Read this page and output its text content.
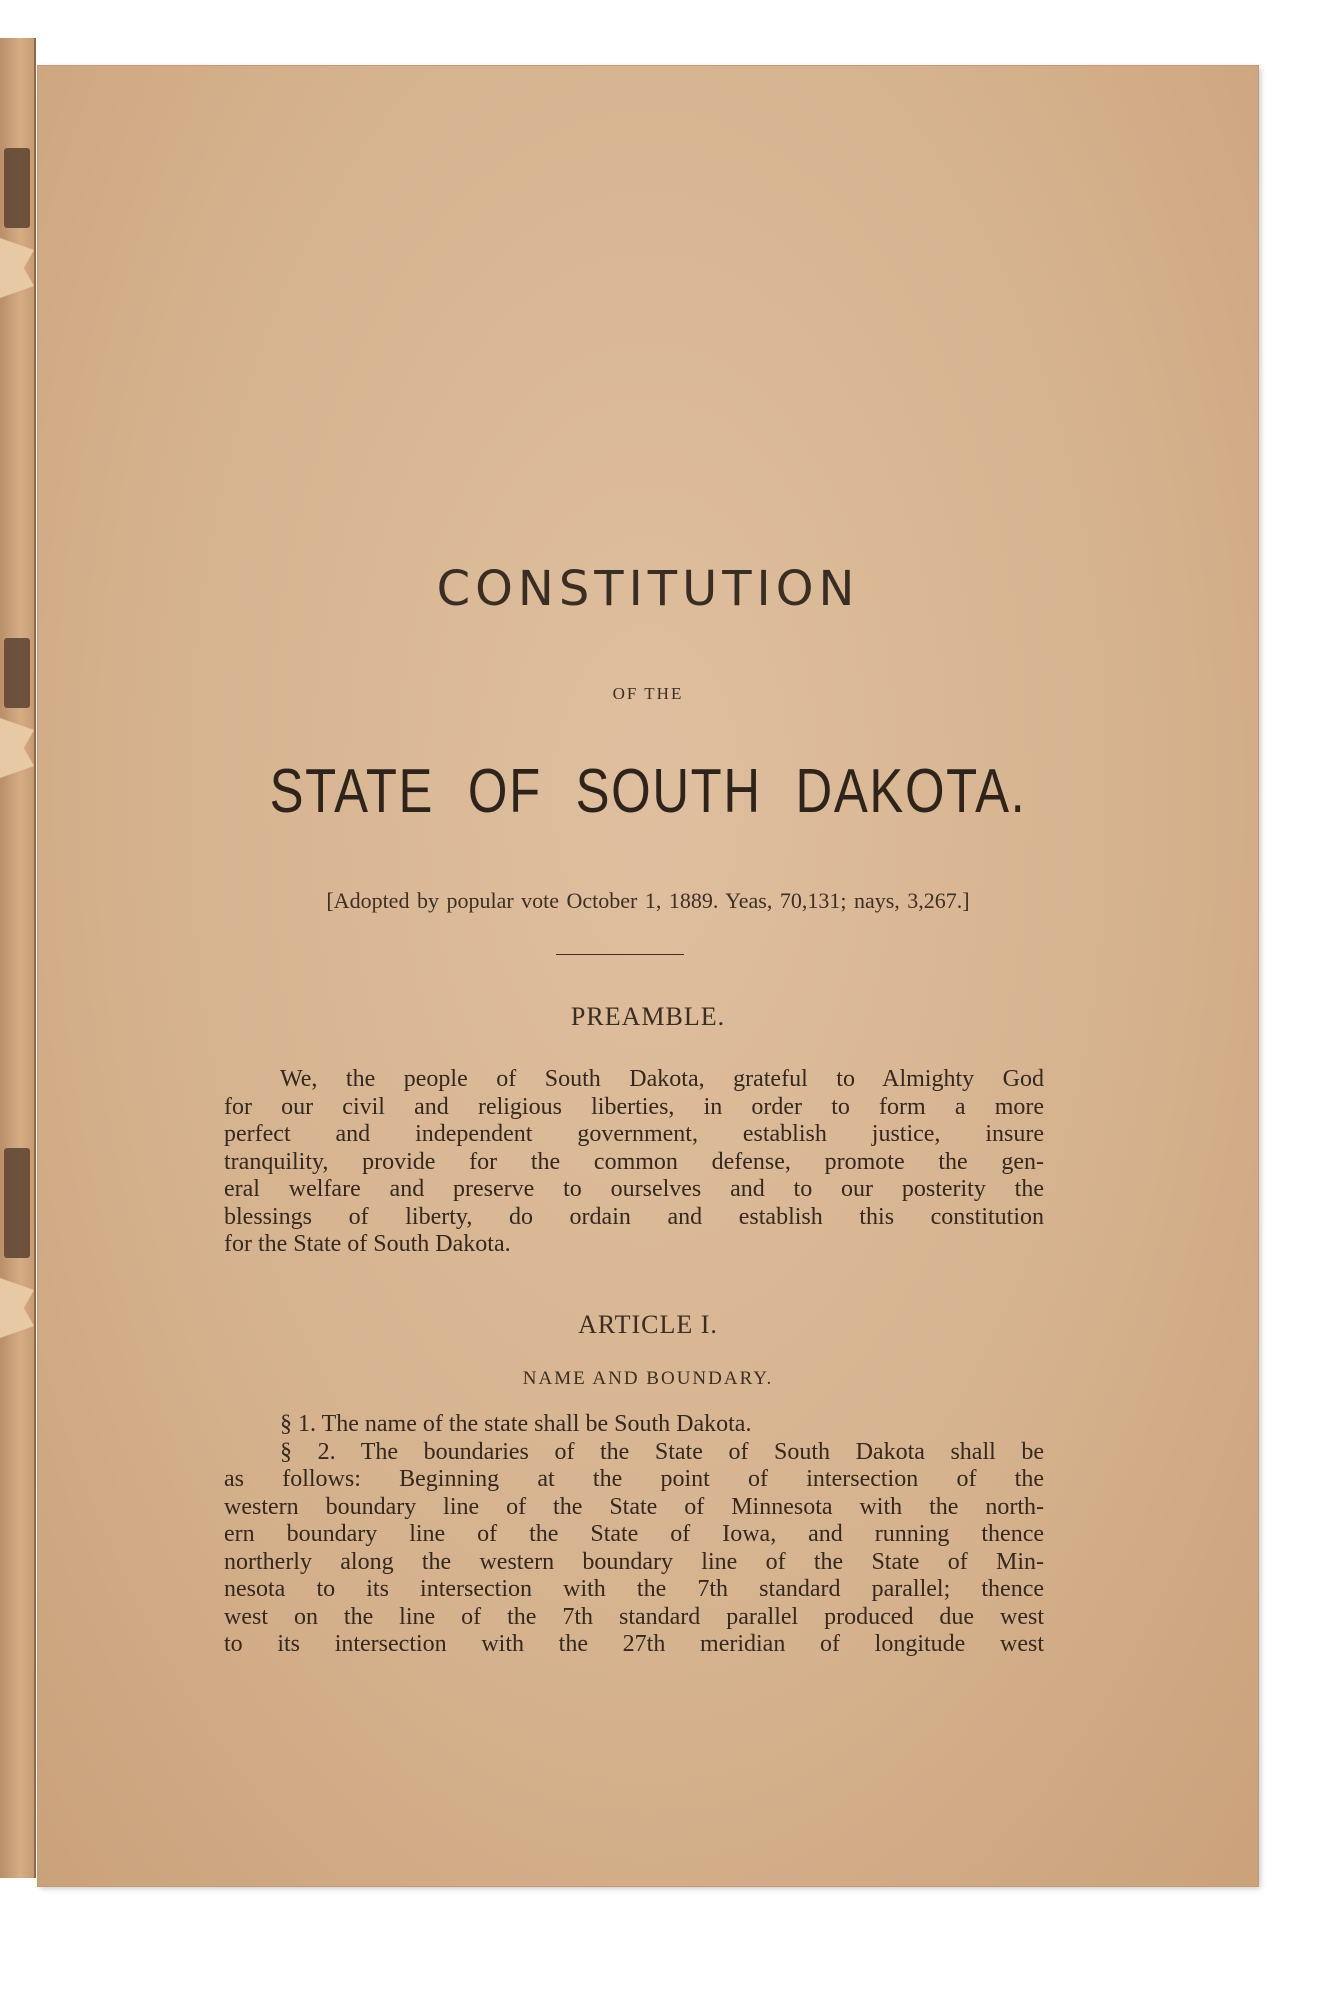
CONSTITUTION
OF THE
STATE OF SOUTH DAKOTA.
[Adopted by popular vote October 1, 1889. Yeas, 70,131; nays, 3,267.]
PREAMBLE.
We, the people of South Dakota, grateful to Almighty God
for our civil and religious liberties, in order to form a more
perfect and independent government, establish justice, insure
tranquility, provide for the common defense, promote the gen-
eral welfare and preserve to ourselves and to our posterity the
blessings of liberty, do ordain and establish this constitution
for the State of South Dakota.
ARTICLE I.
NAME AND BOUNDARY.
§ 1. The name of the state shall be South Dakota.
§ 2. The boundaries of the State of South Dakota shall be
as follows: Beginning at the point of intersection of the
western boundary line of the State of Minnesota with the north-
ern boundary line of the State of Iowa, and running thence
northerly along the western boundary line of the State of Min-
nesota to its intersection with the 7th standard parallel; thence
west on the line of the 7th standard parallel produced due west
to its intersection with the 27th meridian of longitude west
